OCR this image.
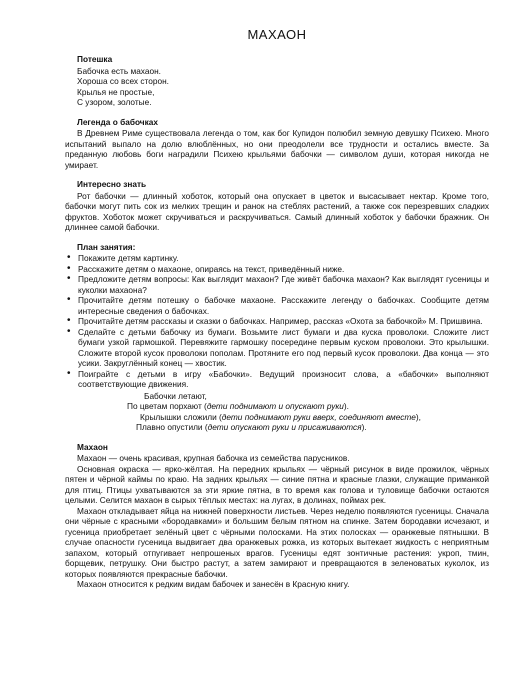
МАХАОН
Потешка
Бабочка есть махаон.
Хороша со всех сторон.
Крылья не простые,
С узором, золотые.
Легенда о бабочках

В Древнем Риме существовала легенда о том, как бог Купидон полюбил земную девушку Психею. Много испытаний выпало на долю влюблённых, но они преодолели все трудности и остались вместе. За преданную любовь боги наградили Психею крыльями бабочки — символом души, которая никогда не умирает.

Интересно знать

Рот бабочки — длинный хоботок, который она опускает в цветок и высасывает нектар. Кроме того, бабочки могут пить сок из мелких трещин и ранок на стеблях растений, а также сок перезревших сладких фруктов. Хоботок может скручиваться и раскручиваться. Самый длинный хоботок у бабочки бражник. Он длиннее самой бабочки.

План занятия:
• Покажите детям картинку.
• Расскажите детям о махаоне, опираясь на текст, приведённый ниже.
• Предложите детям вопросы: Как выглядит махаон? Где живёт бабочка махаон? Как выглядят гусеницы и куколки махаона?
• Прочитайте детям потешку о бабочке махаоне. Расскажите легенду о бабочках. Сообщите детям интересные сведения о бабочках.
• Прочитайте детям рассказы и сказки о бабочках. Например, рассказ «Охота за бабочкой» М. Пришвина.
• Сделайте с детьми бабочку из бумаги. Возьмите лист бумаги и два куска проволоки. Сложите лист бумаги узкой гармошкой. Перевяжите гармошку посередине первым куском проволоки. Это крылышки. Сложите второй кусок проволоки пополам. Протяните его под первый кусок проволоки. Два конца — это усики. Закруглённый конец — хвостик.
• Поиграйте с детьми в игру «Бабочки». Ведущий произносит слова, а «бабочки» выполняют соответствующие движения.
Бабочки летают,
По цветам порхают (дети поднимают и опускают руки).
Крылышки сложили (дети поднимают руки вверх, соединяют вместе),
Плавно опустили (дети опускают руки и присаживаются).
Махаон

Махаон — очень красивая, крупная бабочка из семейства парусников.

Основная окраска — ярко-жёлтая. На передних крыльях — чёрный рисунок в виде прожилок, чёрных пятен и чёрной каймы по краю. На задних крыльях — синие пятна и красные глазки, служащие приманкой для птиц. Птицы ухватываются за эти яркие пятна, в то время как голова и туловище бабочки остаются целыми. Селится махаон в сырых тёплых местах: на лугах, в долинах, поймах рек.

Махаон откладывает яйца на нижней поверхности листьев. Через неделю появляются гусеницы. Сначала они чёрные с красными «бородавками» и большим белым пятном на спинке. Затем бородавки исчезают, и гусеница приобретает зелёный цвет с чёрными полосками. На этих полосках — оранжевые пятнышки. В случае опасности гусеница выдвигает два оранжевых рожка, из которых вытекает жидкость с неприятным запахом, который отпугивает непрошеных врагов. Гусеницы едят зонтичные растения: укроп, тмин, борщевик, петрушку. Они быстро растут, а затем замирают и превращаются в зеленоватых куколок, из которых появляются прекрасные бабочки.

Махаон относится к редким видам бабочек и занесён в Красную книгу.
